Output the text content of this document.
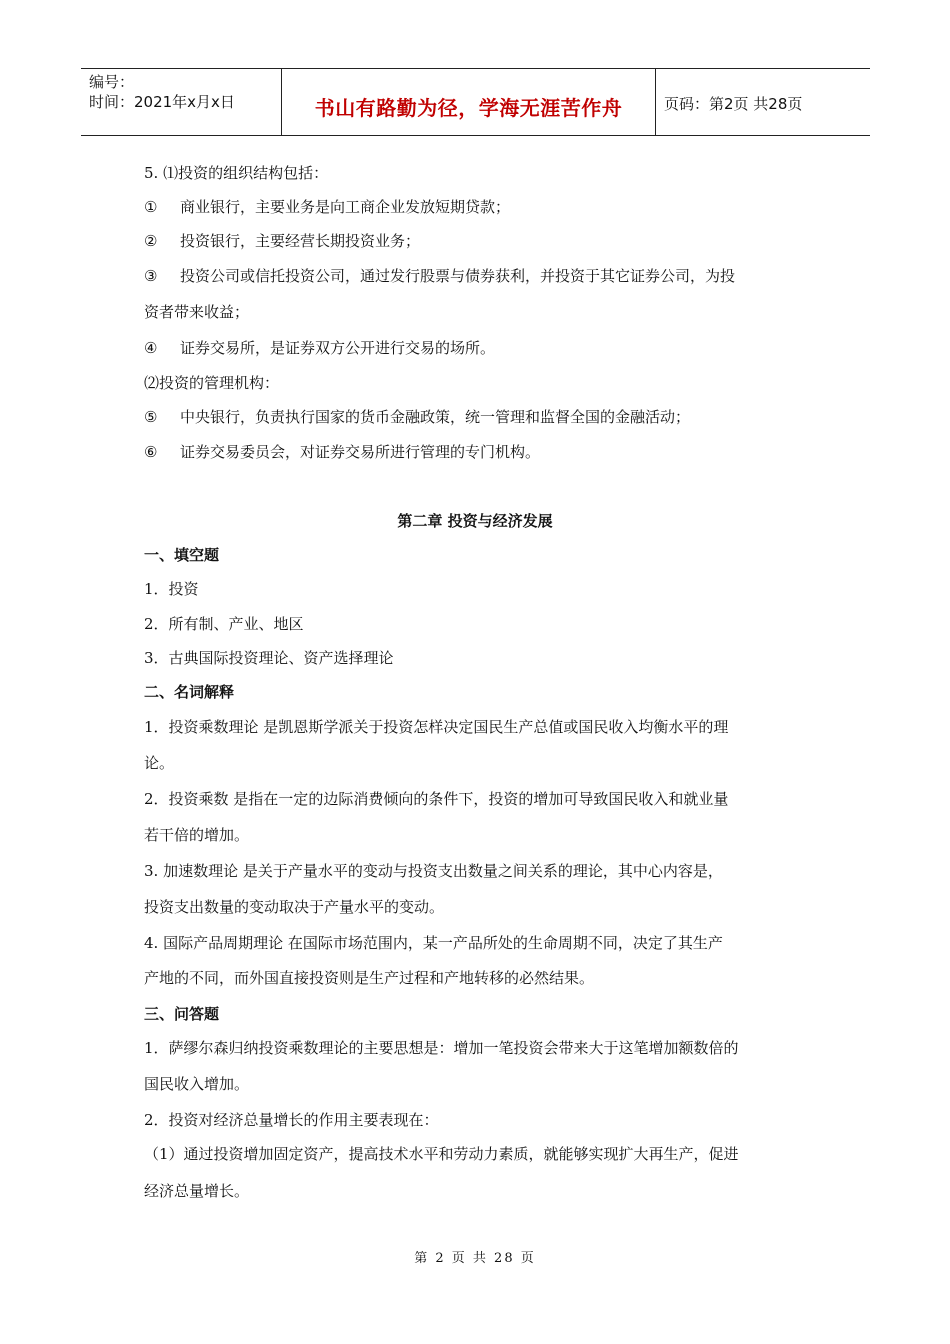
编号：
时间：2021年x月x日	书山有路勤为径，学海无涯苦作舟	页码：第2页 共28页
5. ⑴投资的组织结构包括：
① 商业银行，主要业务是向工商企业发放短期贷款；
② 投资银行，主要经营长期投资业务；
③ 投资公司或信托投资公司，通过发行股票与债券获利，并投资于其它证券公司，为投
资者带来收益；
④ 证券交易所，是证券双方公开进行交易的场所。
⑵投资的管理机构：
⑤ 中央银行，负责执行国家的货币金融政策，统一管理和监督全国的金融活动；
⑥ 证券交易委员会，对证券交易所进行管理的专门机构。
第二章 投资与经济发展
一、填空题
1．投资
2．所有制、产业、地区
3．古典国际投资理论、资产选择理论
二、名词解释
1．投资乘数理论 是凯恩斯学派关于投资怎样决定国民生产总值或国民收入均衡水平的理
论。
2．投资乘数 是指在一定的边际消费倾向的条件下，投资的增加可导致国民收入和就业量
若干倍的增加。
3. 加速数理论 是关于产量水平的变动与投资支出数量之间关系的理论，其中心内容是，
投资支出数量的变动取决于产量水平的变动。
4. 国际产品周期理论 在国际市场范围内，某一产品所处的生命周期不同，决定了其生产
产地的不同，而外国直接投资则是生产过程和产地转移的必然结果。
三、问答题
1．萨缪尔森归纳投资乘数理论的主要思想是：增加一笔投资会带来大于这笔增加额数倍的
国民收入增加。
2．投资对经济总量增长的作用主要表现在：
（1）通过投资增加固定资产，提高技术水平和劳动力素质，就能够实现扩大再生产，促进
经济总量增长。
第 2 页 共 28 页
